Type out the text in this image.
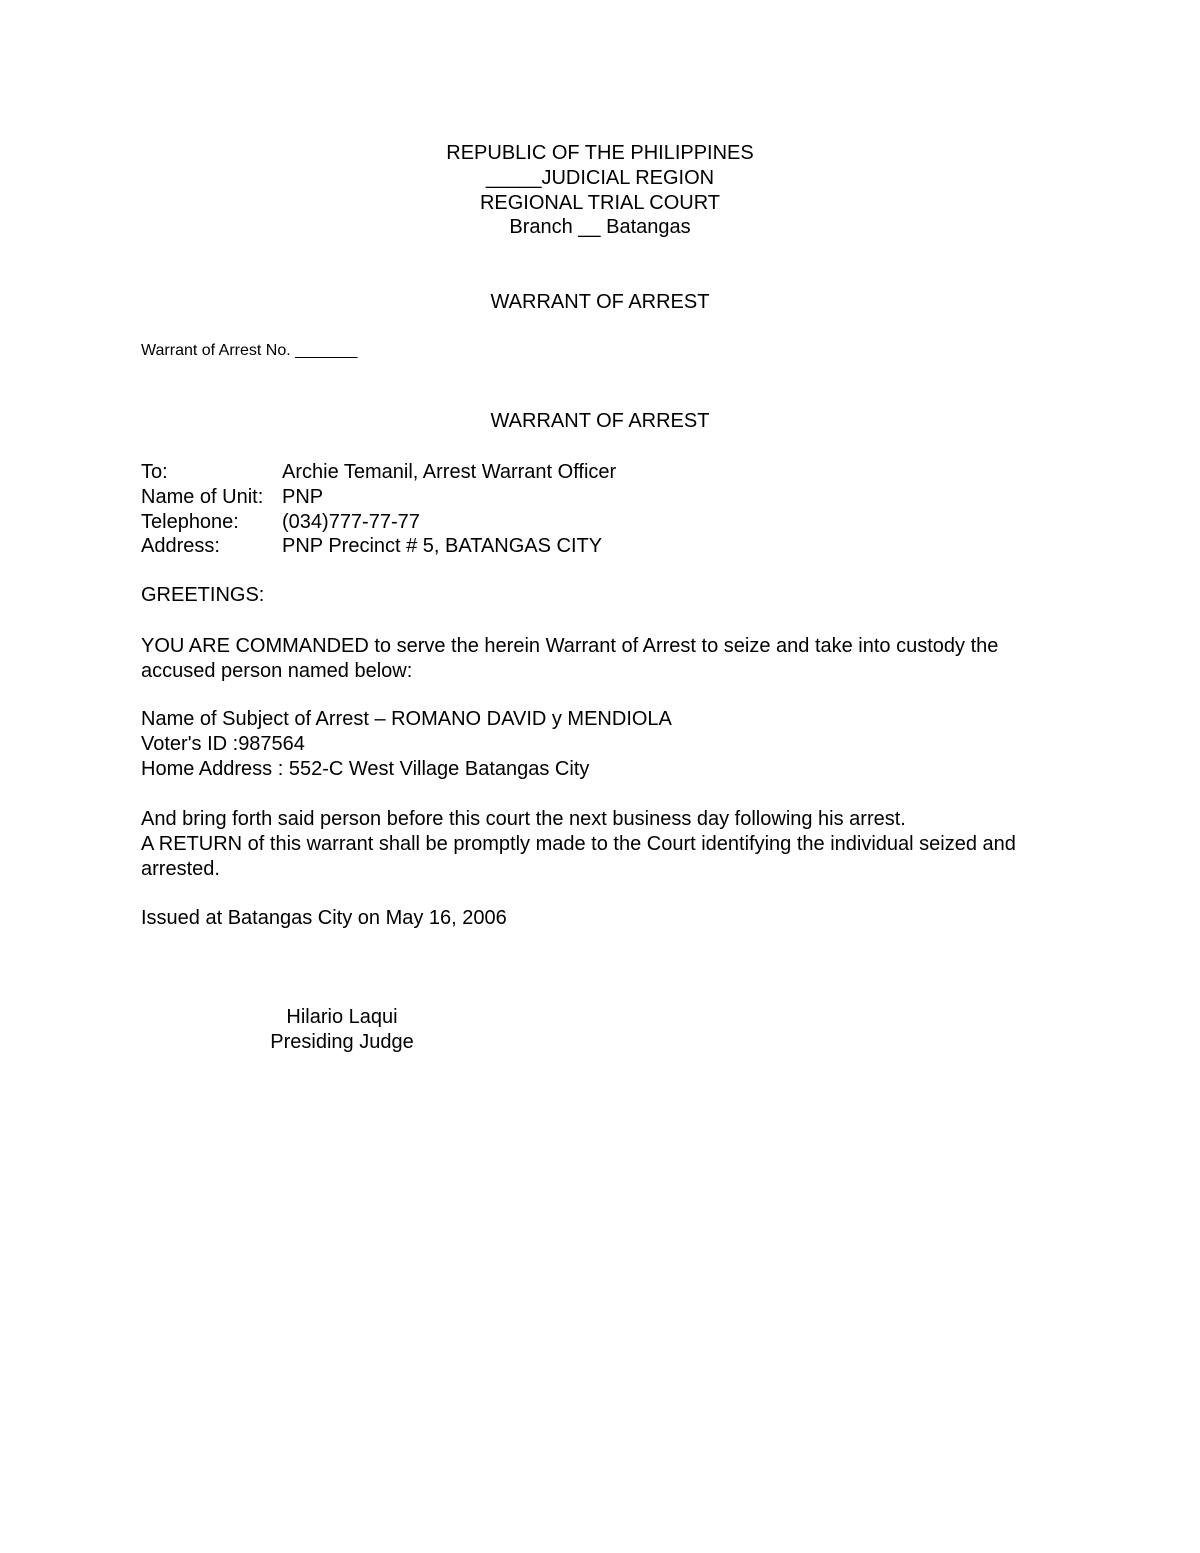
REPUBLIC OF THE PHILIPPINES
_____JUDICIAL REGION
REGIONAL TRIAL COURT
Branch __ Batangas
WARRANT OF ARREST
Warrant of Arrest No. _______
WARRANT OF ARREST
To:	Archie Temanil, Arrest Warrant Officer
Name of Unit: PNP
Telephone:	(034)777-77-77
Address:	PNP Precinct # 5, BATANGAS CITY
GREETINGS:
YOU ARE COMMANDED to serve the herein Warrant of Arrest to seize and take into custody the accused person named below:
Name of Subject of Arrest – ROMANO DAVID y MENDIOLA
Voter's ID :987564
Home Address : 552-C West Village Batangas City
And bring forth said person before this court the next business day following his arrest.
A RETURN of this warrant shall be promptly made to the Court identifying the individual seized and arrested.
Issued at Batangas City on May 16, 2006
Hilario Laqui
Presiding Judge
